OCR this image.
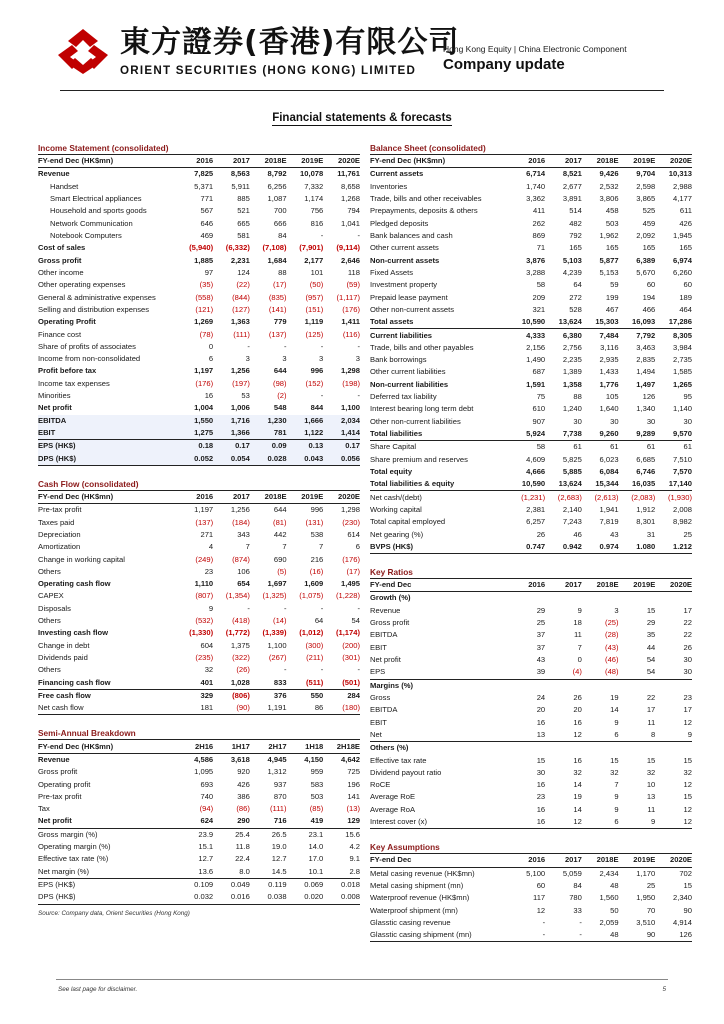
東方證券(香港)有限公司
ORIENT SECURITIES (HONG KONG) LIMITED
Hong Kong Equity | China Electronic Component
Company update
Financial statements & forecasts
Income Statement (consolidated)
FY-end Dec (HK$mn)	2016	2017	2018E	2019E	2020E
Revenue	7,825	8,563	8,792	10,078	11,761
Handset	5,371	5,911	6,256	7,332	8,658
Smart Electrical appliances	771	885	1,087	1,174	1,268
Household and sports goods	567	521	700	756	794
Network Communication	646	665	666	816	1,041
Notebook Computers	469	581	84	-	-
Cost of sales	(5,940)	(6,332)	(7,108)	(7,901)	(9,114)
Gross profit	1,885	2,231	1,684	2,177	2,646
Other income	97	124	88	101	118
Other operating expenses	(35)	(22)	(17)	(50)	(59)
General & administrative expenses	(558)	(844)	(835)	(957)	(1,117)
Selling and distribution expenses	(121)	(127)	(141)	(151)	(176)
Operating Profit	1,269	1,363	779	1,119	1,411
Finance cost	(78)	(111)	(137)	(125)	(116)
Share of profits of associates	0	-	-	-	-
Income from non-consolidated	6	3	3	3	3
Profit before tax	1,197	1,256	644	996	1,298
Income tax expenses	(176)	(197)	(98)	(152)	(198)
Minorities	16	53	(2)	-	-
Net profit	1,004	1,006	548	844	1,100
EBITDA	1,550	1,716	1,230	1,666	2,034
EBIT	1,275	1,366	781	1,122	1,414
EPS (HK$)	0.18	0.17	0.09	0.13	0.17
DPS (HK$)	0.052	0.054	0.028	0.043	0.056
Cash Flow (consolidated)
FY-end Dec (HK$mn)	2016	2017	2018E	2019E	2020E
Pre-tax profit	1,197	1,256	644	996	1,298
Taxes paid	(137)	(184)	(81)	(131)	(230)
Depreciation	271	343	442	538	614
Amortization	4	7	7	7	6
Change in working capital	(249)	(874)	690	216	(176)
Others	23	106	(5)	(16)	(17)
Operating cash flow	1,110	654	1,697	1,609	1,495
CAPEX	(807)	(1,354)	(1,325)	(1,075)	(1,228)
Disposals	9	-	-	-	-
Others	(532)	(418)	(14)	64	54
Investing cash flow	(1,330)	(1,772)	(1,339)	(1,012)	(1,174)
Change in debt	604	1,375	1,100	(300)	(200)
Dividends paid	(235)	(322)	(267)	(211)	(301)
Others	32	(26)	-	-	-
Financing cash flow	401	1,028	833	(511)	(501)
Free cash flow	329	(806)	376	550	284
Net cash flow	181	(90)	1,191	86	(180)
Semi-Annual Breakdown
FY-end Dec (HK$mn)	2H16	1H17	2H17	1H18	2H18E
Revenue	4,586	3,618	4,945	4,150	4,642
Gross profit	1,095	920	1,312	959	725
Operating profit	693	426	937	583	196
Pre-tax profit	740	386	870	503	141
Tax	(94)	(86)	(111)	(85)	(13)
Net profit	624	290	716	419	129
Gross margin (%)	23.9	25.4	26.5	23.1	15.6
Operating margin (%)	15.1	11.8	19.0	14.0	4.2
Effective tax rate (%)	12.7	22.4	12.7	17.0	9.1
Net margin (%)	13.6	8.0	14.5	10.1	2.8
EPS (HK$)	0.109	0.049	0.119	0.069	0.018
DPS (HK$)	0.032	0.016	0.038	0.020	0.008
Source: Company data, Orient Securities (Hong Kong)
Balance Sheet (consolidated)
FY-end Dec (HK$mn)	2016	2017	2018E	2019E	2020E
Current assets	6,714	8,521	9,426	9,704	10,313
Inventories	1,740	2,677	2,532	2,598	2,988
Trade, bills and other receivables	3,362	3,891	3,806	3,865	4,177
Prepayments, deposits & others	411	514	458	525	611
Pledged deposits	262	482	503	459	426
Bank balances and cash	869	792	1,962	2,092	1,945
Other current assets	71	165	165	165	165
Non-current assets	3,876	5,103	5,877	6,389	6,974
Fixed Assets	3,288	4,239	5,153	5,670	6,260
Investment property	58	64	59	60	60
Prepaid lease payment	209	272	199	194	189
Other non-current assets	321	528	467	466	464
Total assets	10,590	13,624	15,303	16,093	17,286
Current liabilities	4,333	6,380	7,484	7,792	8,305
Trade, bills and other payables	2,156	2,756	3,116	3,463	3,984
Bank borrowings	1,490	2,235	2,935	2,835	2,735
Other current liabilities	687	1,389	1,433	1,494	1,585
Non-current liabilities	1,591	1,358	1,776	1,497	1,265
Deferred tax liability	75	88	105	126	95
Interest bearing long term debt	610	1,240	1,640	1,340	1,140
Other non-current liabilities	907	30	30	30	30
Total liabilities	5,924	7,738	9,260	9,289	9,570
Share Capital	58	61	61	61	61
Share premium and reserves	4,609	5,825	6,023	6,685	7,510
Total equity	4,666	5,885	6,084	6,746	7,570
Total liabilities & equity	10,590	13,624	15,344	16,035	17,140
Net cash/(debt)	(1,231)	(2,683)	(2,613)	(2,083)	(1,930)
Working capital	2,381	2,140	1,941	1,912	2,008
Total capital employed	6,257	7,243	7,819	8,301	8,982
Net gearing (%)	26	46	43	31	25
BVPS (HK$)	0.747	0.942	0.974	1.080	1.212
Key Ratios
FY-end Dec	2016	2017	2018E	2019E	2020E
Growth (%)					
Revenue	29	9	3	15	17
Gross profit	25	18	(25)	29	22
EBITDA	37	11	(28)	35	22
EBIT	37	7	(43)	44	26
Net profit	43	0	(46)	54	30
EPS	39	(4)	(48)	54	30
Margins (%)					
Gross	24	26	19	22	23
EBITDA	20	20	14	17	17
EBIT	16	16	9	11	12
Net	13	12	6	8	9
Others (%)					
Effective tax rate	15	16	15	15	15
Dividend payout ratio	30	32	32	32	32
RoCE	16	14	7	10	12
Average RoE	23	19	9	13	15
Average RoA	16	14	9	11	12
Interest cover (x)	16	12	6	9	12
Key Assumptions
FY-end Dec	2016	2017	2018E	2019E	2020E
Metal casing revenue (HK$mn)	5,100	5,059	2,434	1,170	702
Metal casing shipment (mn)	60	84	48	25	15
Waterproof revenue (HK$mn)	117	780	1,560	1,950	2,340
Waterproof shipment (mn)	12	33	50	70	90
Glasstic casing revenue	-	-	2,059	3,510	4,914
Glasstic casing shipment (mn)	-	-	48	90	126
See last page for disclaimer.	5
